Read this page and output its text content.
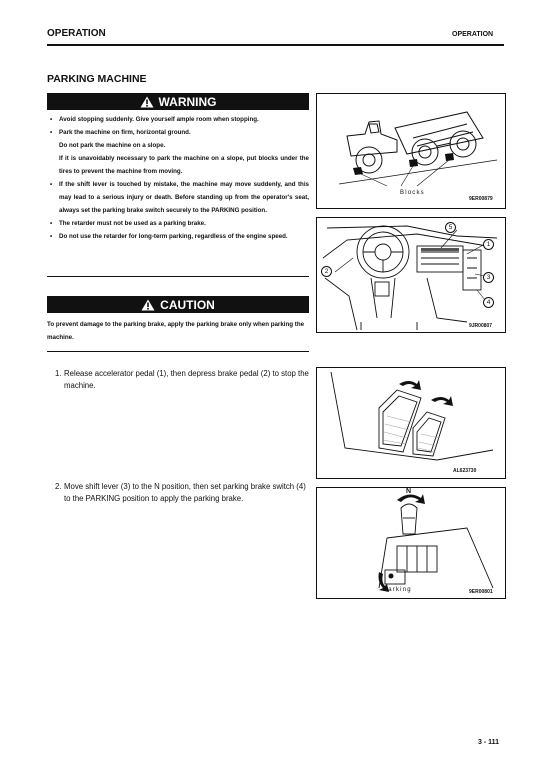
OPERATION	OPERATION
PARKING MACHINE
WARNING
• Avoid stopping suddenly. Give yourself ample room when stopping.
• Park the machine on firm, horizontal ground.
Do not park the machine on a slope.
If it is unavoidably necessary to park the machine on a slope, put blocks under the tires to prevent the machine from moving.
• If the shift lever is touched by mistake, the machine may move suddenly, and this may lead to a serious injury or death. Before standing up from the operator's seat, always set the parking brake switch securely to the PARKING position.
• The retarder must not be used as a parking brake.
• Do not use the retarder for long-term parking, regardless of the engine speed.
CAUTION
To prevent damage to the parking brake, apply the parking brake only when parking the machine.
1. Release accelerator pedal (1), then depress brake pedal (2) to stop the machine.
2. Move shift lever (3) to the N position, then set parking brake switch (4) to the PARKING position to apply the parking brake.
Blocks
9ER00879
5
1
3
4
2
9JR00807
AL623730
N
Parking	9ER00801
3 - 111
